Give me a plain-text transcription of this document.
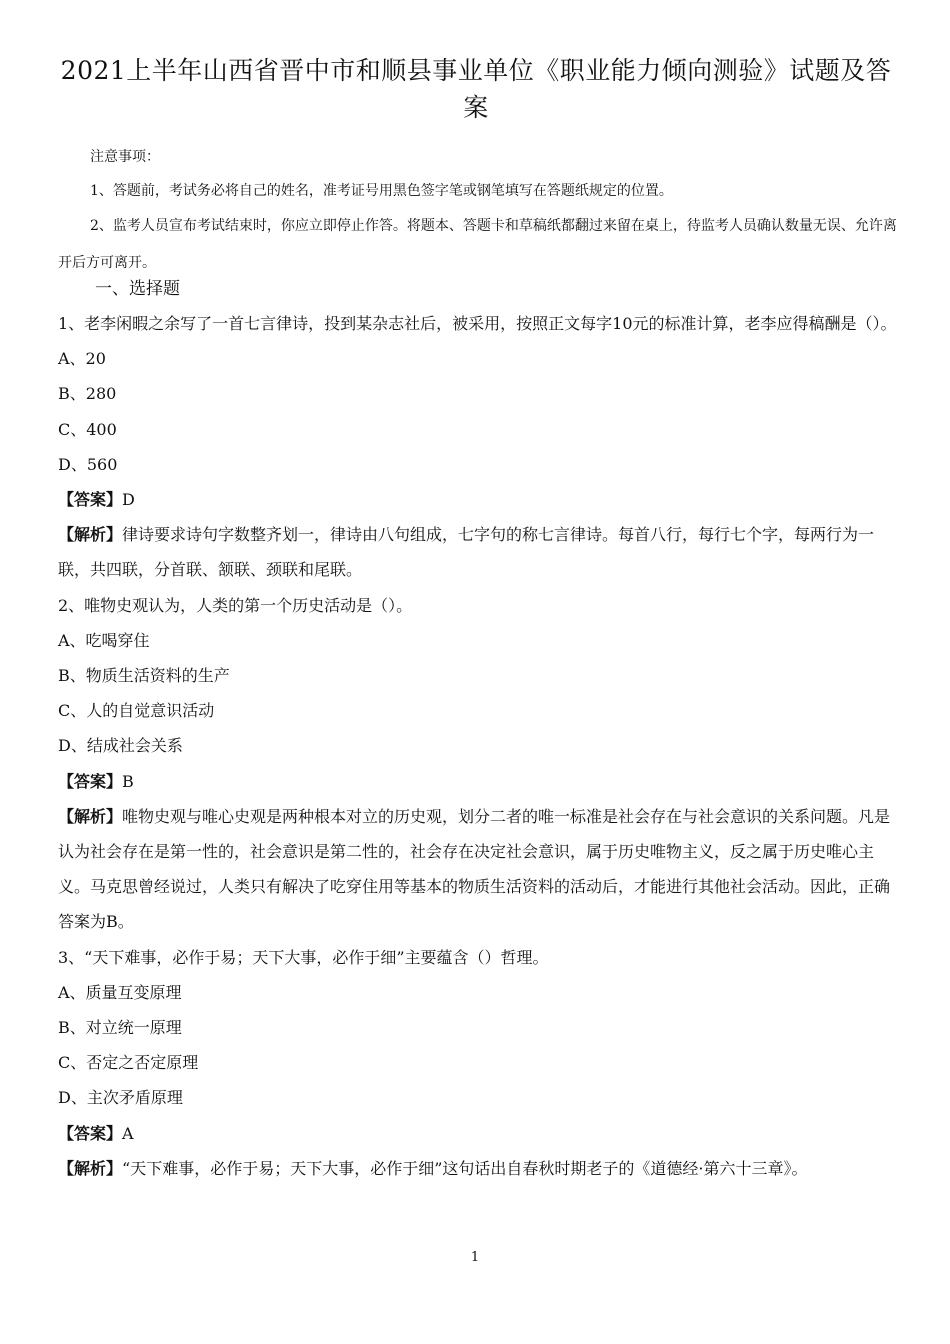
2021上半年山西省晋中市和顺县事业单位《职业能力倾向测验》试题及答案

注意事项：

1、答题前，考试务必将自己的姓名，准考证号用黑色签字笔或钢笔填写在答题纸规定的位置。

2、监考人员宣布考试结束时，你应立即停止作答。将题本、答题卡和草稿纸都翻过来留在桌上，待监考人员确认数量无误、允许离开后方可离开。

一、选择题

1、老李闲暇之余写了一首七言律诗，投到某杂志社后，被采用，按照正文每字10元的标准计算，老李应得稿酬是（）。

A、20

B、280

C、400

D、560

【答案】D

【解析】律诗要求诗句字数整齐划一，律诗由八句组成，七字句的称七言律诗。每首八行，每行七个字，每两行为一联，共四联，分首联、颔联、颈联和尾联。

2、唯物史观认为，人类的第一个历史活动是（）。

A、吃喝穿住

B、物质生活资料的生产

C、人的自觉意识活动

D、结成社会关系

【答案】B

【解析】唯物史观与唯心史观是两种根本对立的历史观，划分二者的唯一标准是社会存在与社会意识的关系问题。凡是认为社会存在是第一性的，社会意识是第二性的，社会存在决定社会意识，属于历史唯物主义，反之属于历史唯心主义。马克思曾经说过，人类只有解决了吃穿住用等基本的物质生活资料的活动后，才能进行其他社会活动。因此，正确答案为B。

3、“天下难事，必作于易；天下大事，必作于细”主要蕴含（）哲理。

A、质量互变原理

B、对立统一原理

C、否定之否定原理

D、主次矛盾原理

【答案】A

【解析】“天下难事，必作于易；天下大事，必作于细”这句话出自春秋时期老子的《道德经·第六十三章》。

1
